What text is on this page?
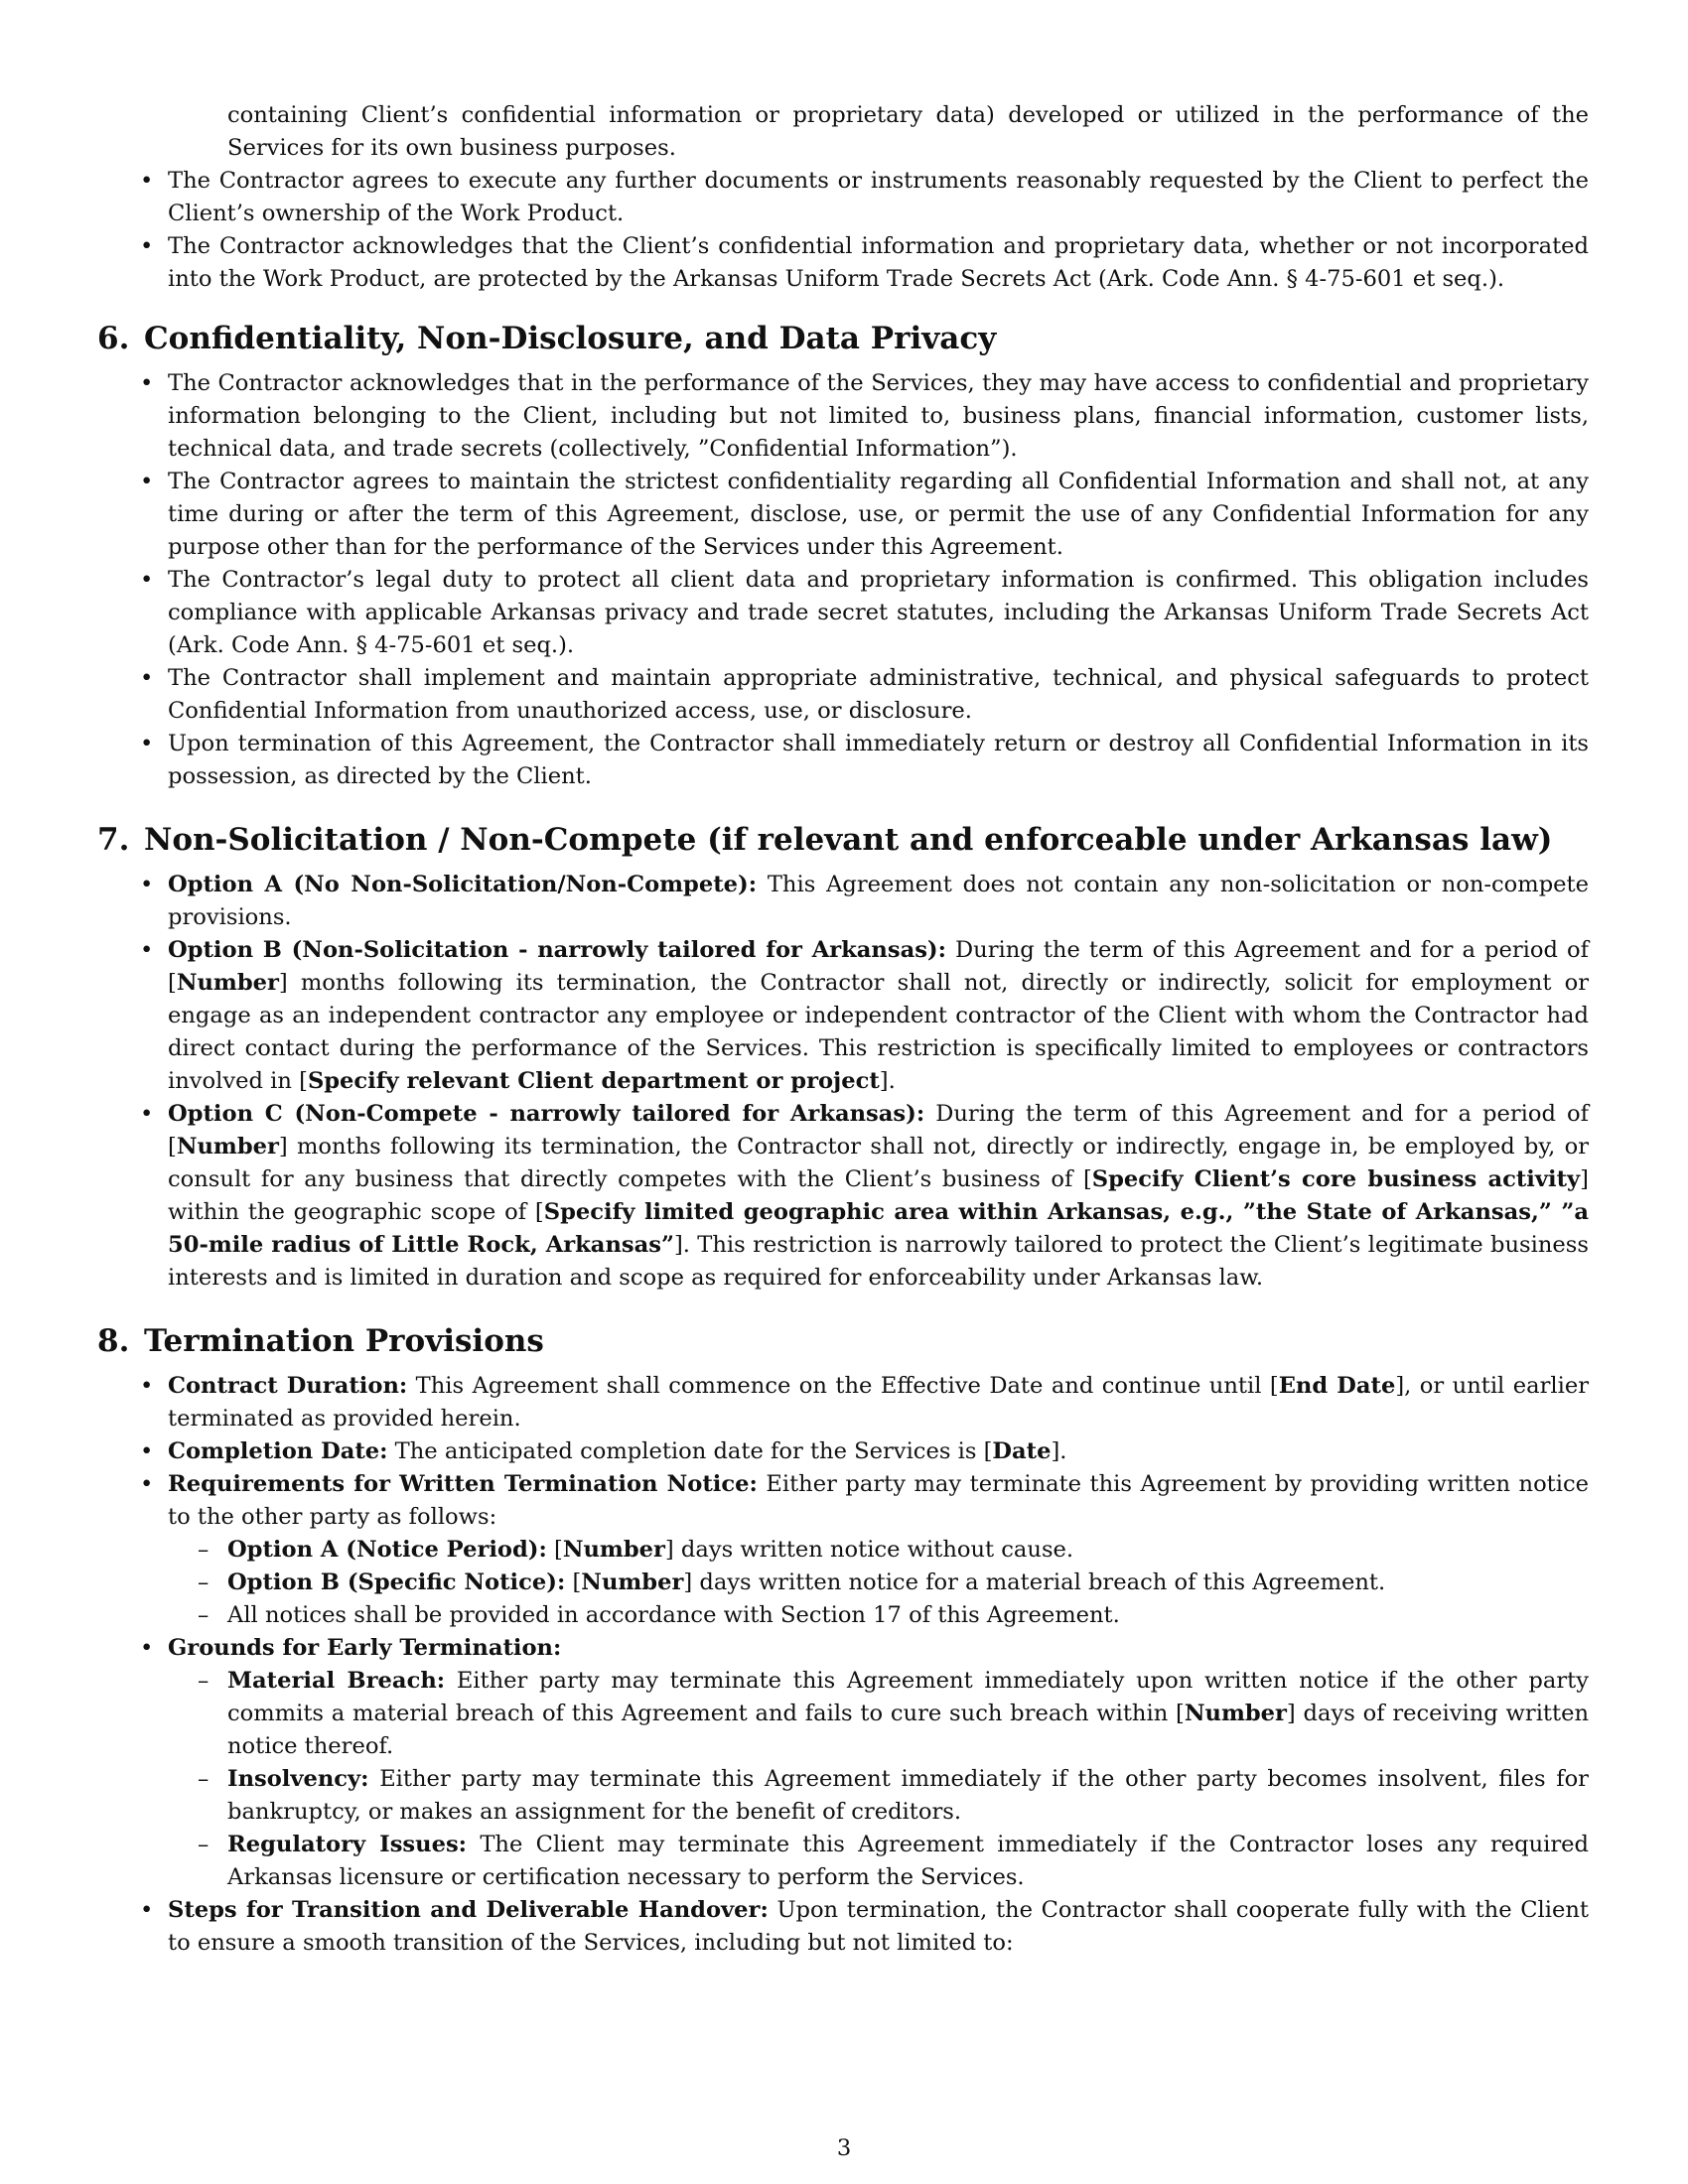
containing Client’s confidential information or proprietary data) developed or utilized in the performance of the Services for its own business purposes.

• The Contractor agrees to execute any further documents or instruments reasonably requested by the Client to perfect the Client’s ownership of the Work Product.

• The Contractor acknowledges that the Client’s confidential information and proprietary data, whether or not incorporated into the Work Product, are protected by the Arkansas Uniform Trade Secrets Act (Ark. Code Ann. § 4-75-601 et seq.).

6. Confidentiality, Non-Disclosure, and Data Privacy

• The Contractor acknowledges that in the performance of the Services, they may have access to confidential and proprietary information belonging to the Client, including but not limited to, business plans, financial information, customer lists, technical data, and trade secrets (collectively, ”Confidential Information”).

• The Contractor agrees to maintain the strictest confidentiality regarding all Confidential Information and shall not, at any time during or after the term of this Agreement, disclose, use, or permit the use of any Confidential Information for any purpose other than for the performance of the Services under this Agreement.

• The Contractor’s legal duty to protect all client data and proprietary information is confirmed. This obligation includes compliance with applicable Arkansas privacy and trade secret statutes, including the Arkansas Uniform Trade Secrets Act (Ark. Code Ann. § 4-75-601 et seq.).

• The Contractor shall implement and maintain appropriate administrative, technical, and physical safeguards to protect Confidential Information from unauthorized access, use, or disclosure.

• Upon termination of this Agreement, the Contractor shall immediately return or destroy all Confidential Information in its possession, as directed by the Client.

7. Non-Solicitation / Non-Compete (if relevant and enforceable under Arkansas law)

• Option A (No Non-Solicitation/Non-Compete): This Agreement does not contain any non-solicitation or non-compete provisions.

• Option B (Non-Solicitation - narrowly tailored for Arkansas): During the term of this Agreement and for a period of [Number] months following its termination, the Contractor shall not, directly or indirectly, solicit for employment or engage as an independent contractor any employee or independent contractor of the Client with whom the Contractor had direct contact during the performance of the Services. This restriction is specifically limited to employees or contractors involved in [Specify relevant Client department or project].

• Option C (Non-Compete - narrowly tailored for Arkansas): During the term of this Agreement and for a period of [Number] months following its termination, the Contractor shall not, directly or indirectly, engage in, be employed by, or consult for any business that directly competes with the Client’s business of [Specify Client’s core business activity] within the geographic scope of [Specify limited geographic area within Arkansas, e.g., ”the State of Arkansas,” ”a 50-mile radius of Little Rock, Arkansas”]. This restriction is narrowly tailored to protect the Client’s legitimate business interests and is limited in duration and scope as required for enforceability under Arkansas law.

8. Termination Provisions

• Contract Duration: This Agreement shall commence on the Effective Date and continue until [End Date], or until earlier terminated as provided herein.

• Completion Date: The anticipated completion date for the Services is [Date].

• Requirements for Written Termination Notice: Either party may terminate this Agreement by providing written notice to the other party as follows:

– Option A (Notice Period): [Number] days written notice without cause.

– Option B (Specific Notice): [Number] days written notice for a material breach of this Agreement.

– All notices shall be provided in accordance with Section 17 of this Agreement.

• Grounds for Early Termination:

– Material Breach: Either party may terminate this Agreement immediately upon written notice if the other party commits a material breach of this Agreement and fails to cure such breach within [Number] days of receiving written notice thereof.

– Insolvency: Either party may terminate this Agreement immediately if the other party becomes insolvent, files for bankruptcy, or makes an assignment for the benefit of creditors.

– Regulatory Issues: The Client may terminate this Agreement immediately if the Contractor loses any required Arkansas licensure or certification necessary to perform the Services.

• Steps for Transition and Deliverable Handover: Upon termination, the Contractor shall cooperate fully with the Client to ensure a smooth transition of the Services, including but not limited to:

3
